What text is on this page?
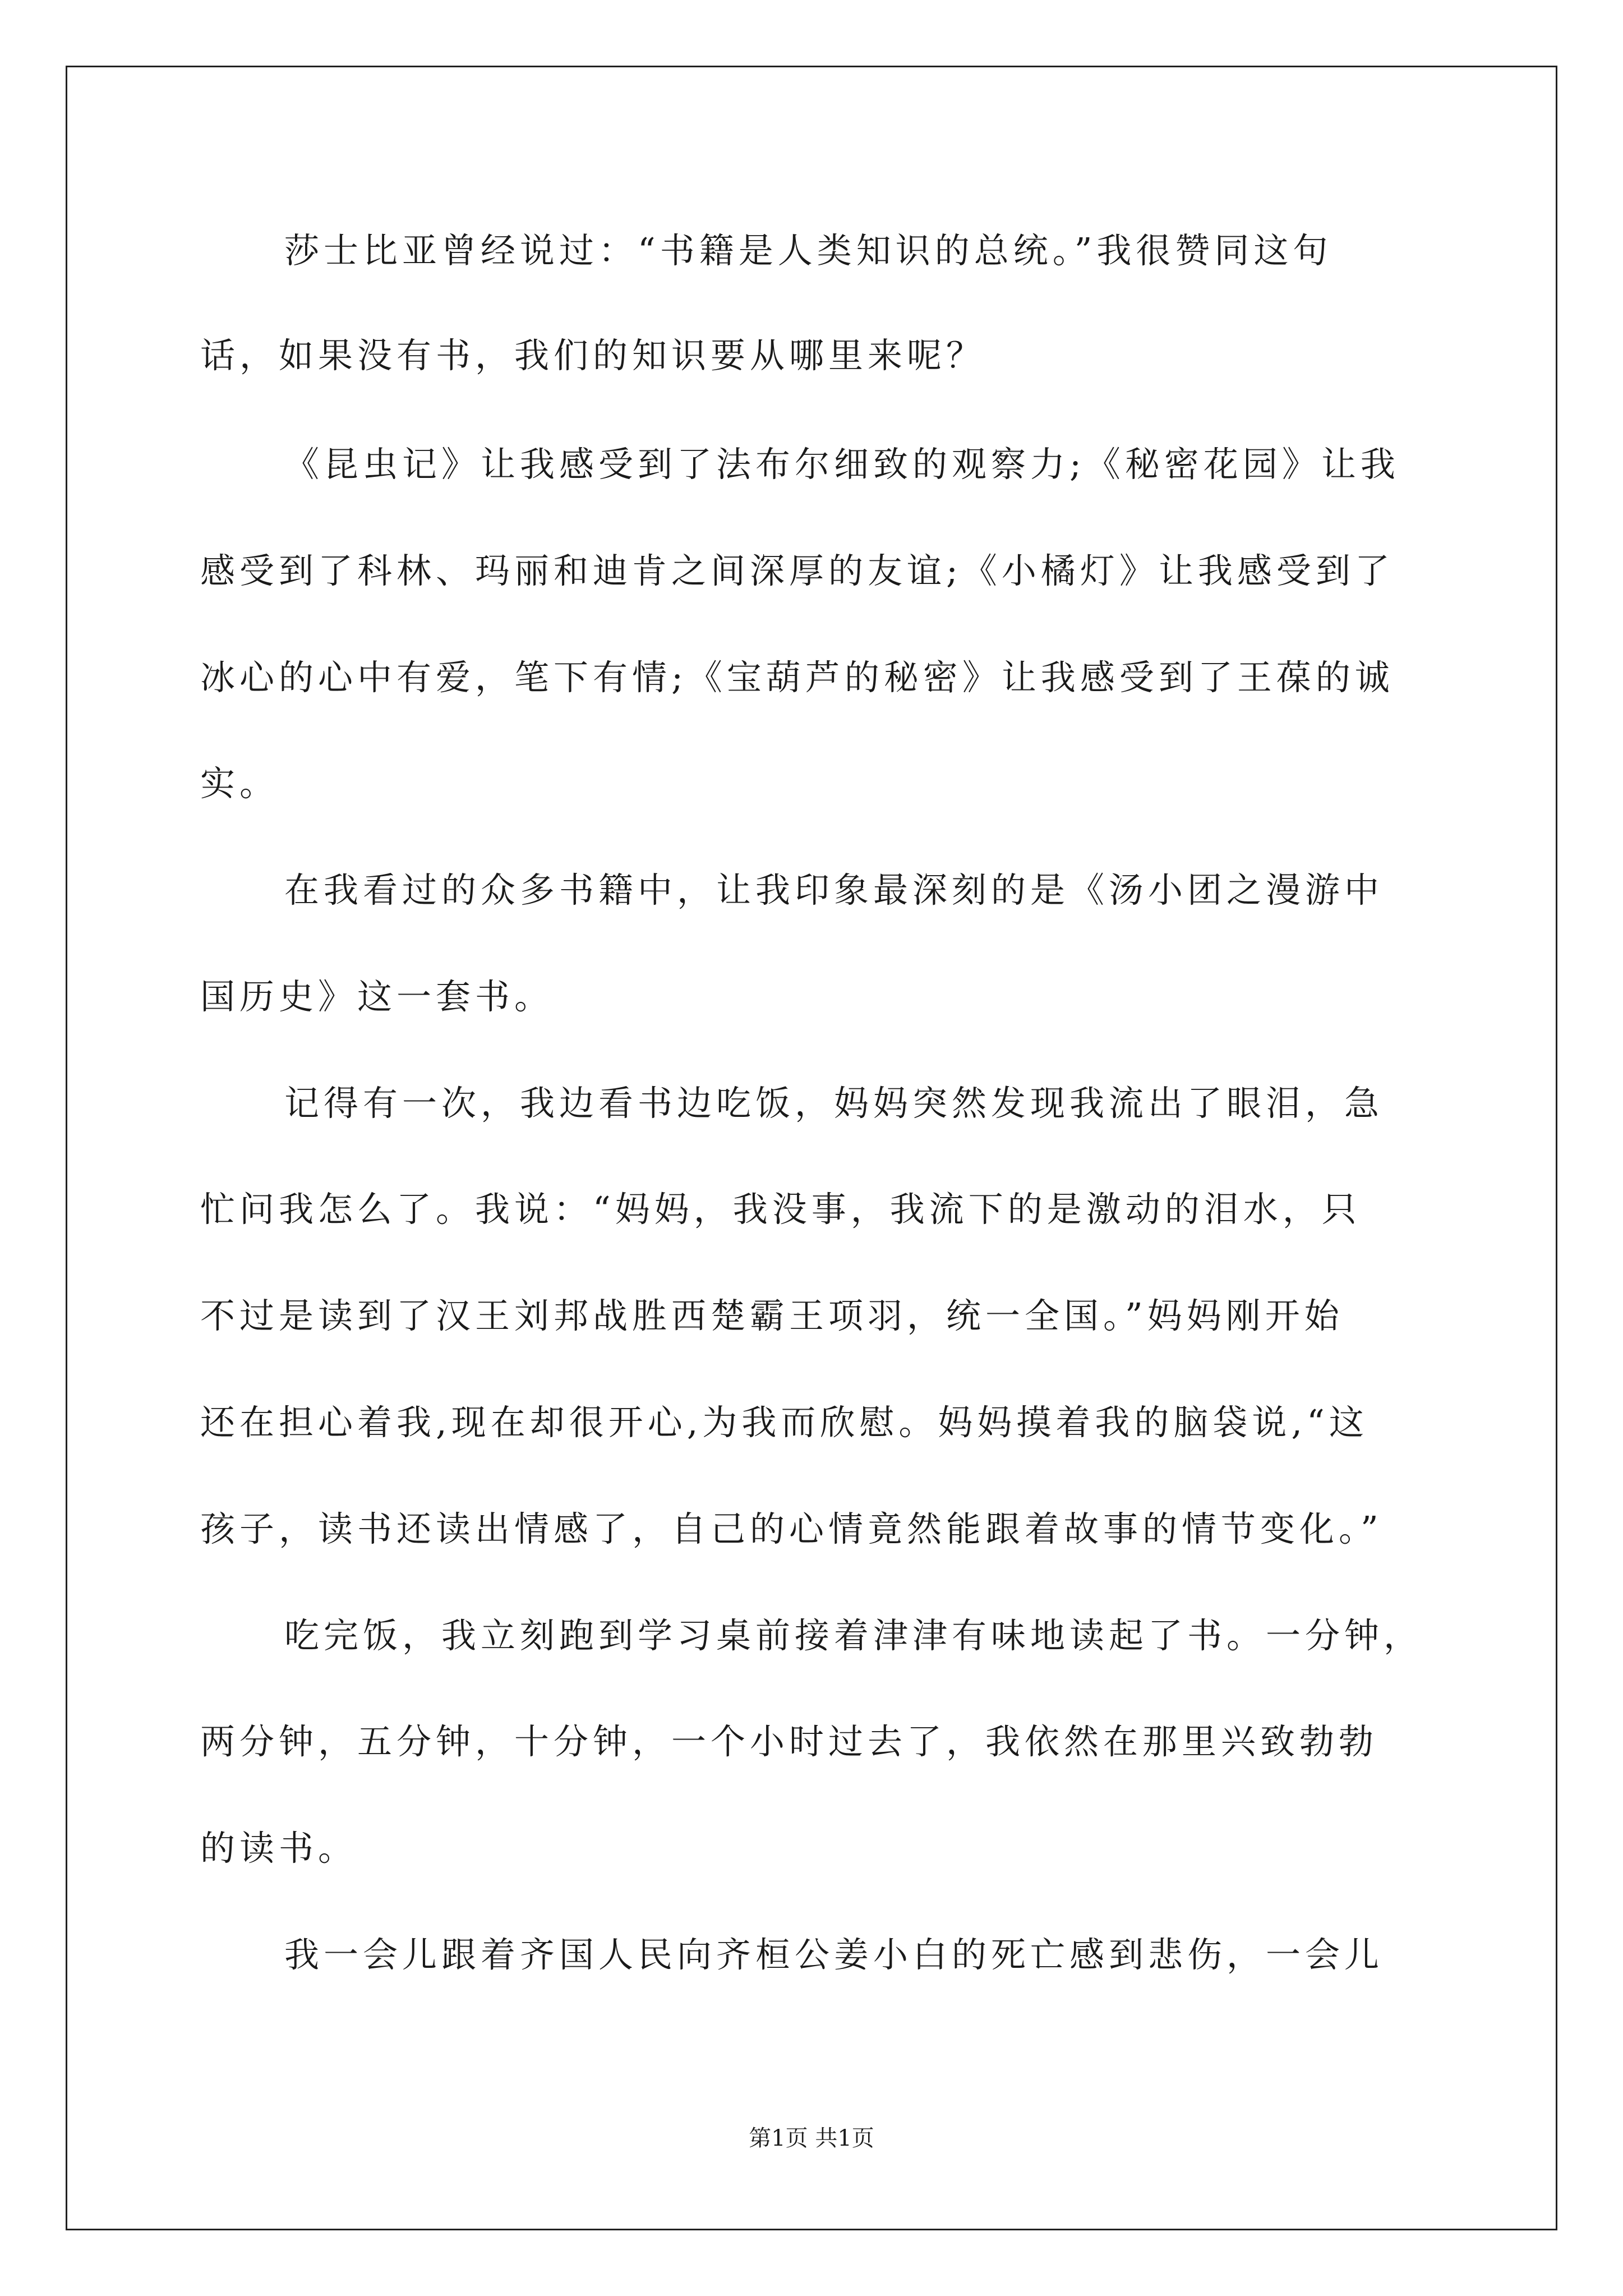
莎士比亚曾经说过：“书籍是人类知识的总统。”我很赞同这句
话，如果没有书，我们的知识要从哪里来呢？
《昆虫记》让我感受到了法布尔细致的观察力;《秘密花园》让我
感受到了科林、玛丽和迪肯之间深厚的友谊;《小橘灯》让我感受到了
冰心的心中有爱，笔下有情;《宝葫芦的秘密》让我感受到了王葆的诚
实。
在我看过的众多书籍中，让我印象最深刻的是《汤小团之漫游中
国历史》这一套书。
记得有一次，我边看书边吃饭，妈妈突然发现我流出了眼泪，急
忙问我怎么了。我说：“妈妈，我没事，我流下的是激动的泪水，只
不过是读到了汉王刘邦战胜西楚霸王项羽，统一全国。”妈妈刚开始
还在担心着我,现在却很开心,为我而欣慰。妈妈摸着我的脑袋说,“这
孩子，读书还读出情感了，自己的心情竟然能跟着故事的情节变化。”
吃完饭，我立刻跑到学习桌前接着津津有味地读起了书。一分钟，
两分钟，五分钟，十分钟，一个小时过去了，我依然在那里兴致勃勃
的读书。
我一会儿跟着齐国人民向齐桓公姜小白的死亡感到悲伤，一会儿
第1页 共1页
